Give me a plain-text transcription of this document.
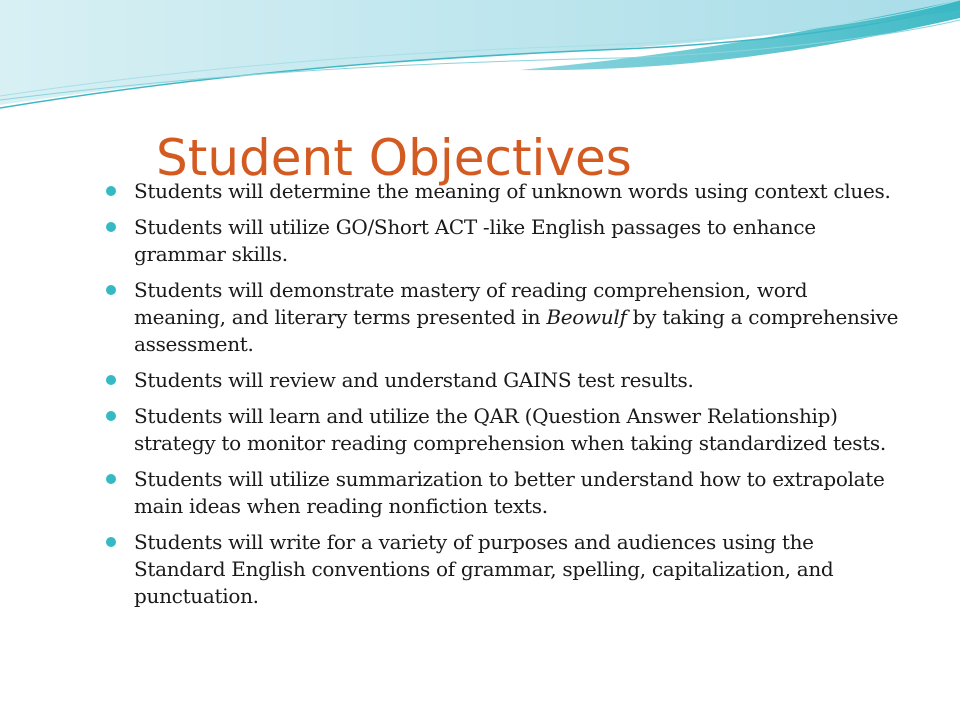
Student Objectives
Students will determine the meaning of unknown words using context clues.
Students will utilize GO/Short ACT -like English passages to enhance grammar skills.
Students will demonstrate mastery of reading comprehension, word meaning, and literary terms presented in Beowulf by taking a comprehensive assessment.
Students will review and understand GAINS test results.
Students will learn and utilize the QAR (Question Answer Relationship) strategy to monitor reading comprehension when taking standardized tests.
Students will utilize summarization to better understand how to extrapolate main ideas when reading nonfiction texts.
Students will write for a variety of purposes and audiences using the Standard English conventions of grammar, spelling, capitalization, and punctuation.
